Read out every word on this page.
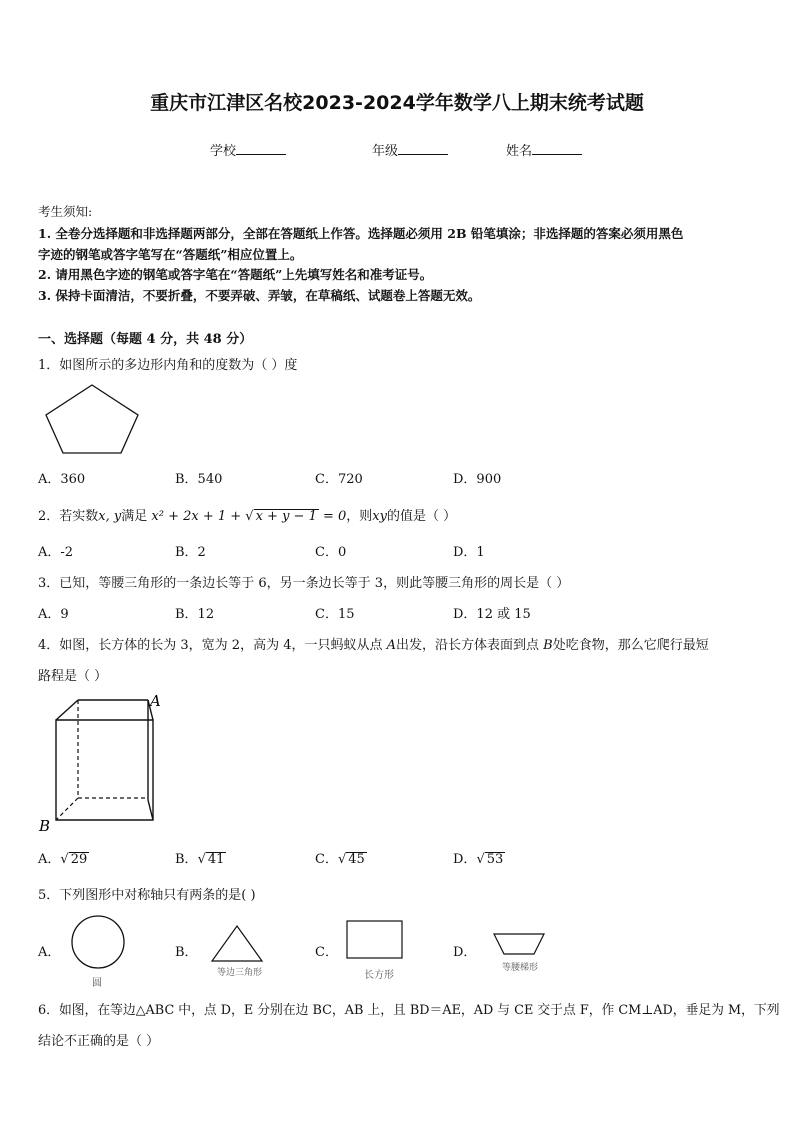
重庆市江津区名校2023-2024学年数学八上期末统考试题
学校	年级	姓名
考生须知:
1. 全卷分选择题和非选择题两部分，全部在答题纸上作答。选择题必须用 2B 铅笔填涂；非选择题的答案必须用黑色
字迹的钢笔或答字笔写在“答题纸”相应位置上。
2. 请用黑色字迹的钢笔或答字笔在“答题纸”上先填写姓名和准考证号。
3. 保持卡面清洁，不要折叠，不要弄破、弄皱，在草稿纸、试题卷上答题无效。
一、选择题（每题 4 分，共 48 分）
1．如图所示的多边形内角和的度数为（ ）度
A．360	B．540	C．720	D．900
2．若实数x, y满足 x² + 2x + 1 + √ x + y − 1 = 0，则xy的值是（ ）
A．-2	B．2	C．0	D．1
3．已知，等腰三角形的一条边长等于 6，另一条边长等于 3，则此等腰三角形的周长是（ ）
A．9	B．12	C．15	D．12 或 15
4．如图，长方体的长为 3，宽为 2，高为 4，一只蚂蚁从点 A出发，沿长方体表面到点 B处吃食物，那么它爬行最短
路程是（ ）
A
B
A．√ 29	B．√ 41	C．√ 45	D．√ 53
5．下列图形中对称轴只有两条的是( )
A．
圆
B．
等边三角形
C．
长方形
D．
等腰梯形
6．如图，在等边△ABC 中，点 D，E 分别在边 BC，AB 上，且 BD＝AE，AD 与 CE 交于点 F，作 CM⊥AD，垂足为 M，下列
结论不正确的是（ ）
